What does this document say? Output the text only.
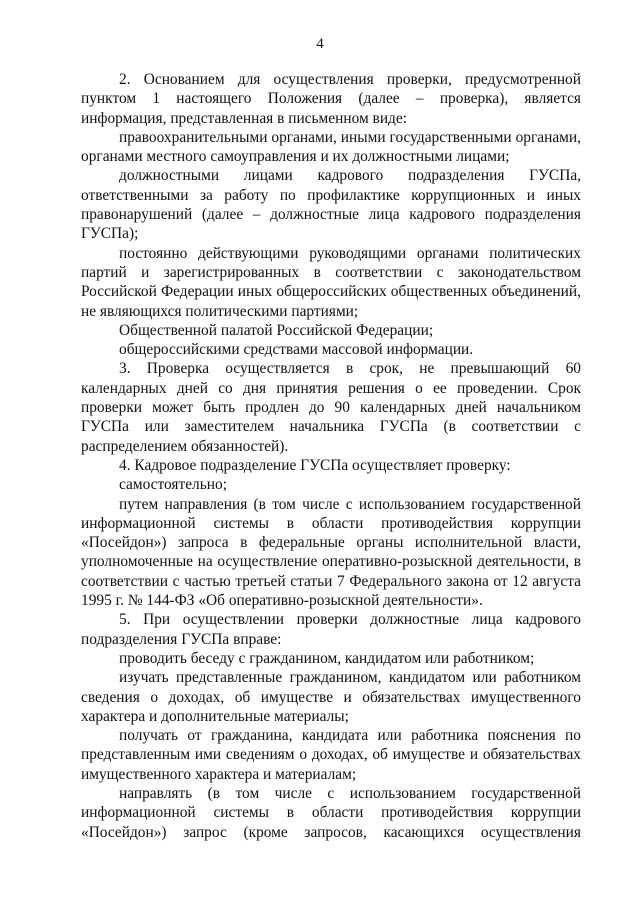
4

2. Основанием для осуществления проверки, предусмотренной пунктом 1 настоящего Положения (далее – проверка), является информация, представленная в письменном виде:

правоохранительными органами, иными государственными органами, органами местного самоуправления и их должностными лицами;

должностными лицами кадрового подразделения ГУСПа, ответственными за работу по профилактике коррупционных и иных правонарушений (далее – должностные лица кадрового подразделения ГУСПа);

постоянно действующими руководящими органами политических партий и зарегистрированных в соответствии с законодательством Российской Федерации иных общероссийских общественных объединений, не являющихся политическими партиями;

Общественной палатой Российской Федерации;

общероссийскими средствами массовой информации.

3. Проверка осуществляется в срок, не превышающий 60 календарных дней со дня принятия решения о ее проведении. Срок проверки может быть продлен до 90 календарных дней начальником ГУСПа или заместителем начальника ГУСПа (в соответствии с распределением обязанностей).

4. Кадровое подразделение ГУСПа осуществляет проверку:

самостоятельно;

путем направления (в том числе с использованием государственной информационной системы в области противодействия коррупции «Посейдон») запроса в федеральные органы исполнительной власти, уполномоченные на осуществление оперативно-розыскной деятельности, в соответствии с частью третьей статьи 7 Федерального закона от 12 августа 1995 г. № 144-ФЗ «Об оперативно-розыскной деятельности».

5. При осуществлении проверки должностные лица кадрового подразделения ГУСПа вправе:

проводить беседу с гражданином, кандидатом или работником;

изучать представленные гражданином, кандидатом или работником сведения о доходах, об имуществе и обязательствах имущественного характера и дополнительные материалы;

получать от гражданина, кандидата или работника пояснения по представленным ими сведениям о доходах, об имуществе и обязательствах имущественного характера и материалам;

направлять (в том числе с использованием государственной информационной системы в области противодействия коррупции «Посейдон») запрос (кроме запросов, касающихся осуществления
